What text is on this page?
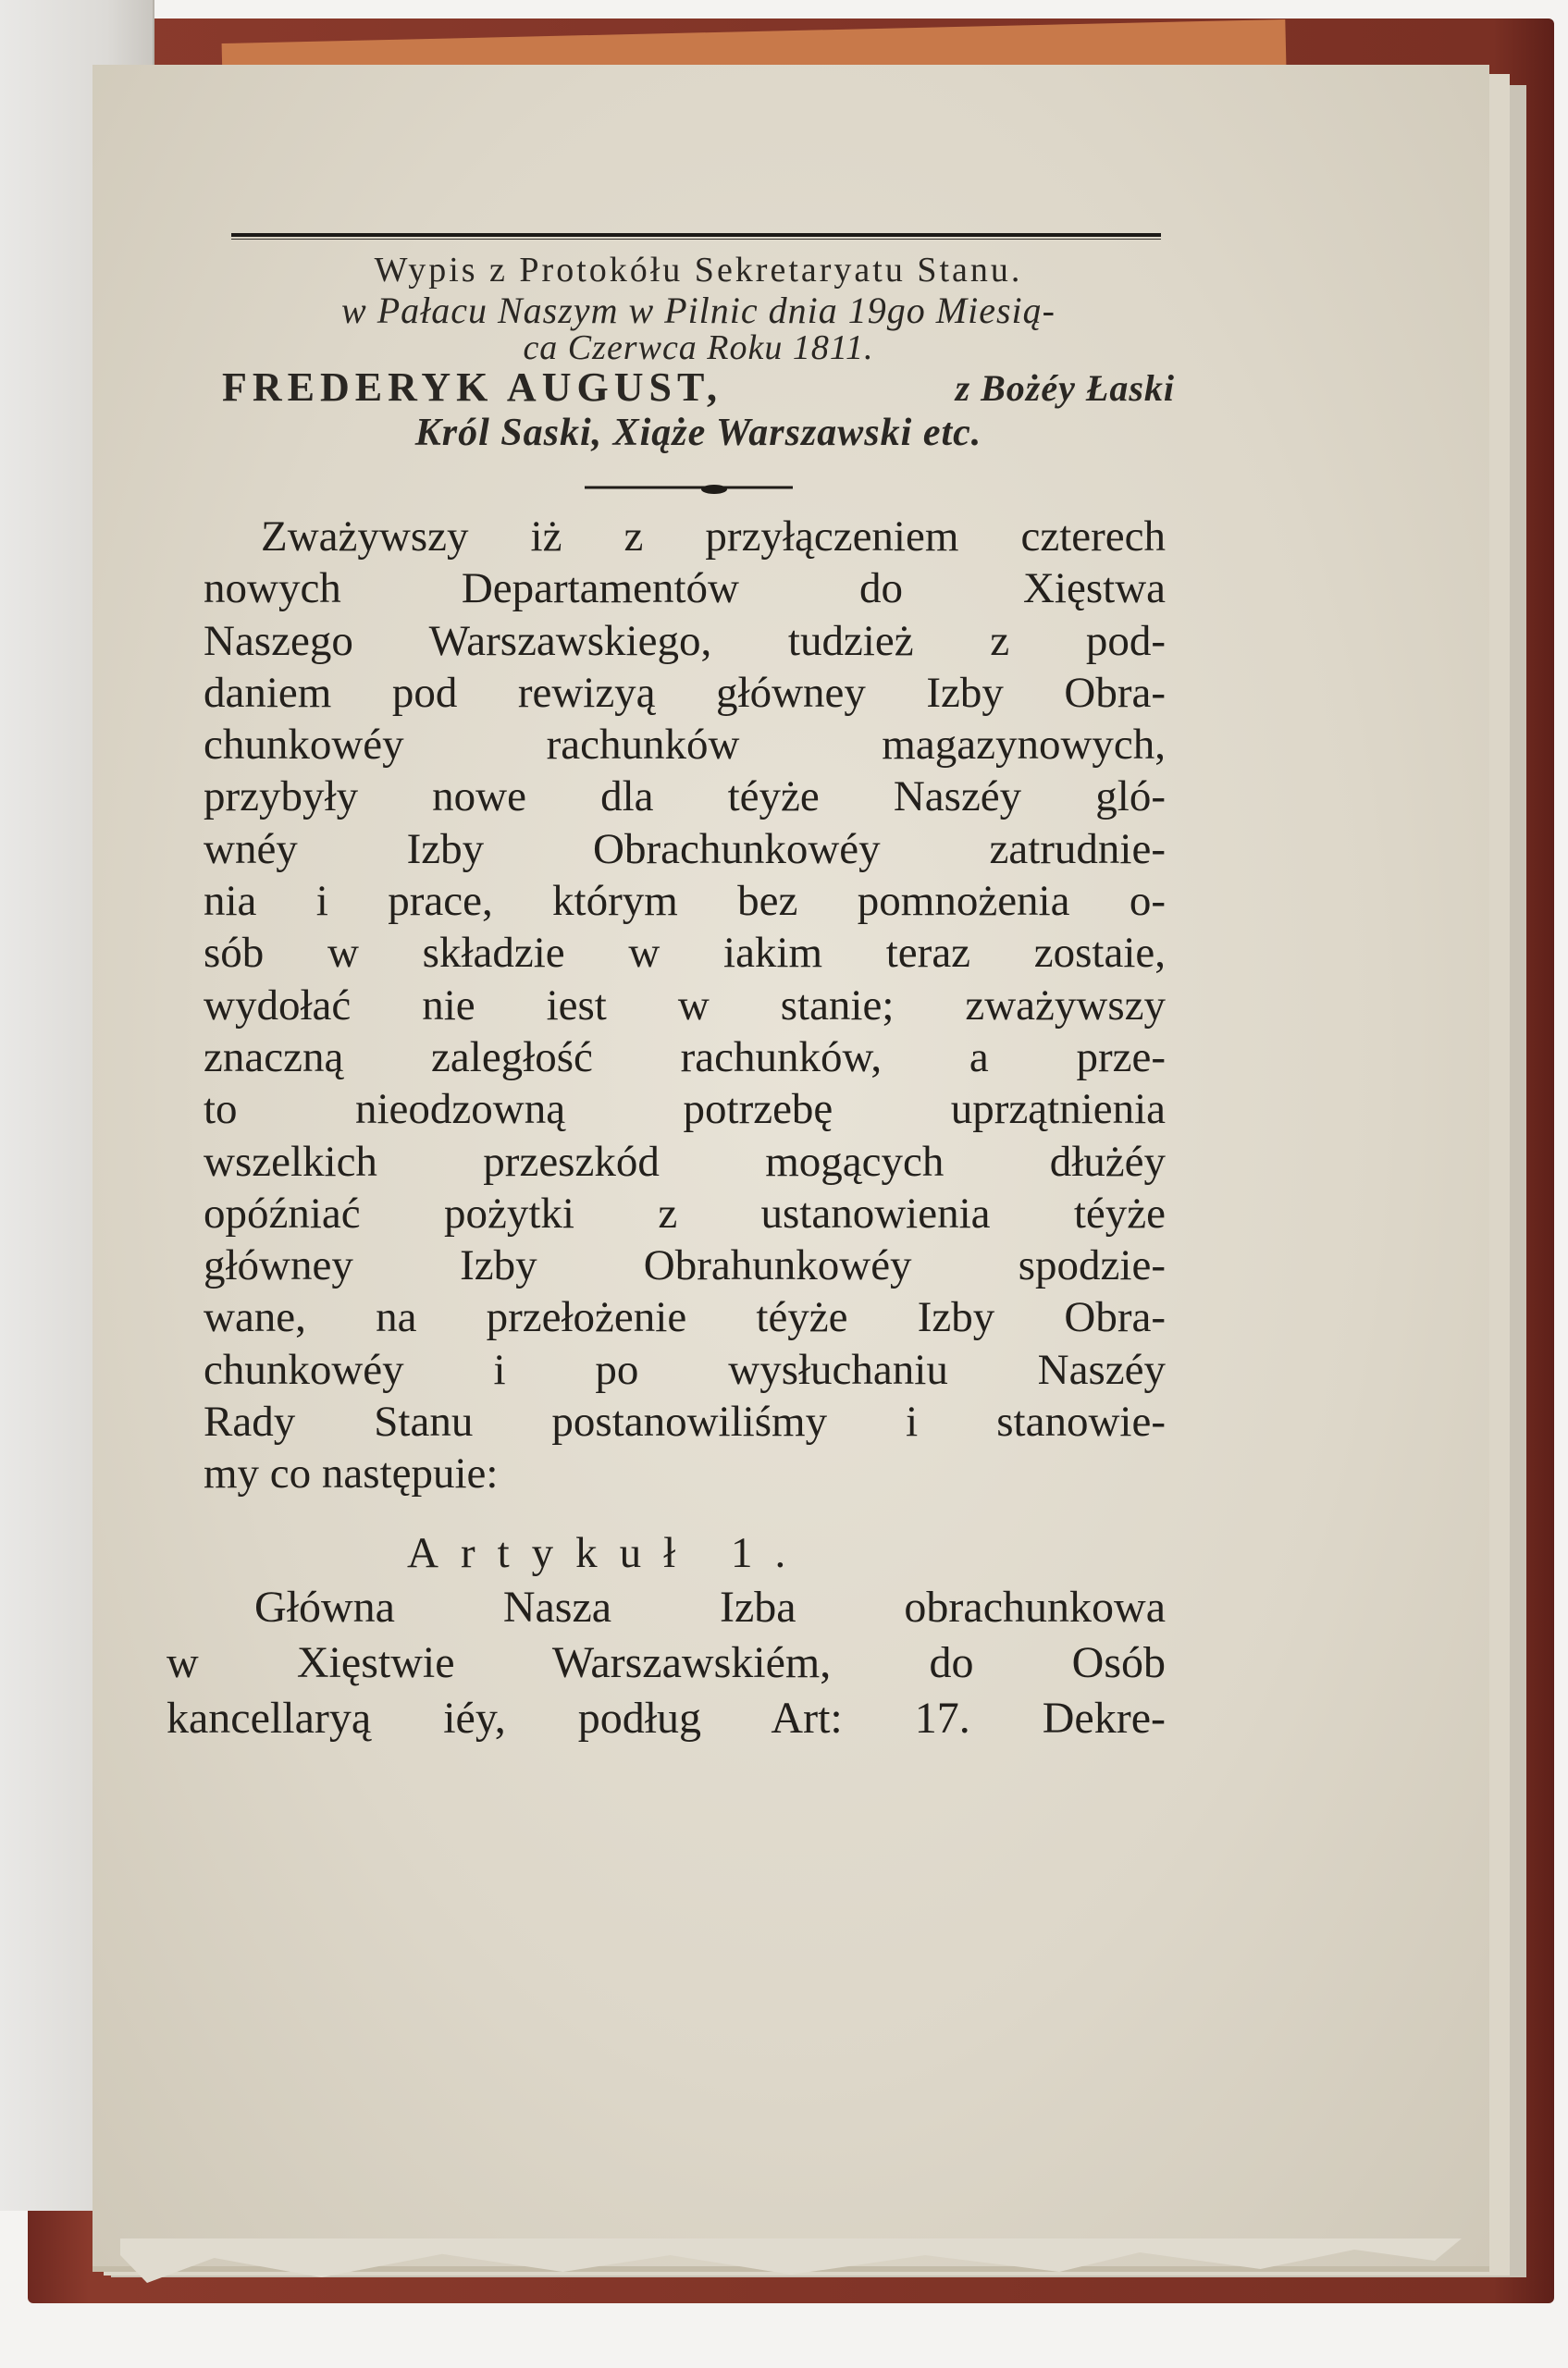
Wypis z Protokółu Sekretaryatu Stanu.

w Pałacu Naszym w Pilnic dnia 19go Miesią-

ca Czerwca Roku 1811.

FREDERYK AUGUST,	z Bożéy Łaski

Król Saski, Xiąże Warszawski etc.

Zważywszy iż z przyłączeniem czterech
nowych Departamentów do Xięstwa
Naszego Warszawskiego, tudzież z pod-
daniem pod rewizyą główney Izby Obra-
chunkowéy rachunków magazynowych,
przybyły nowe dla téyże Naszéy gló-
wnéy Izby Obrachunkowéy zatrudnie-
nia i prace, którym bez pomnożenia o-
sób w składzie w iakim teraz zostaie,
wydołać nie iest w stanie; zważywszy
znaczną zaległość rachunków, a prze-
to nieodzowną potrzebę uprzątnienia
wszelkich przeszkód mogących dłużéy
opóźniać pożytki z ustanowienia téyże
główney Izby Obrahunkowéy spodzie-
wane, na przełożenie téyże Izby Obra-
chunkowéy i po wysłuchaniu Naszéy
Rady Stanu postanowiliśmy i stanowie-
my co następuie:

Artykuł 1.

Główna Nasza Izba obrachunkowa
w Xięstwie Warszawskiém, do Osób
kancellaryą iéy, podług Art: 17. Dekre-
